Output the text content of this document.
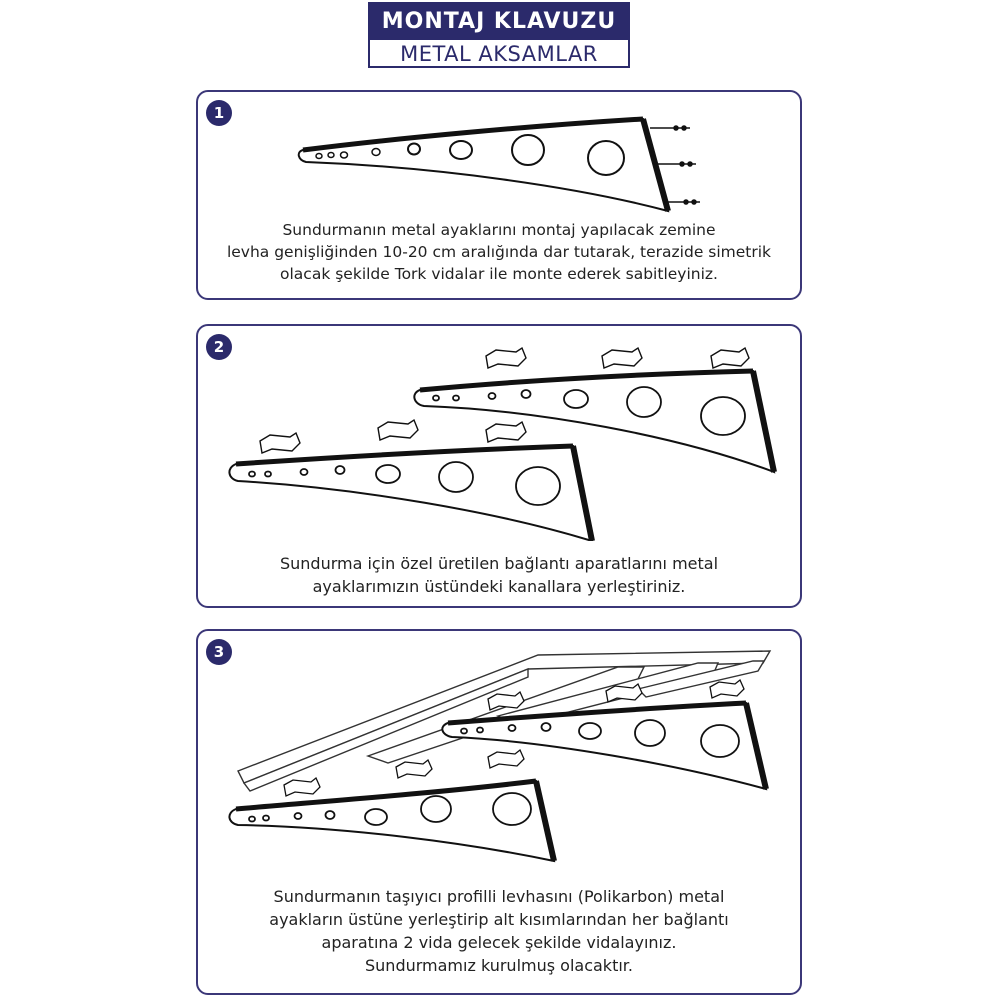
MONTAJ KLAVUZU
METAL AKSAMLAR
1
Sundurmanın metal ayaklarını montaj yapılacak zemine
levha genişliğinden 10-20 cm aralığında dar tutarak, terazide simetrik
olacak şekilde Tork vidalar ile monte ederek sabitleyiniz.
2
Sundurma için özel üretilen bağlantı aparatlarını metal
ayaklarımızın üstündeki kanallara yerleştiriniz.
3
Sundurmanın taşıyıcı profilli levhasını (Polikarbon) metal
ayakların üstüne yerleştirip alt kısımlarından her bağlantı
aparatına 2 vida gelecek şekilde vidalayınız.
Sundurmamız kurulmuş olacaktır.
